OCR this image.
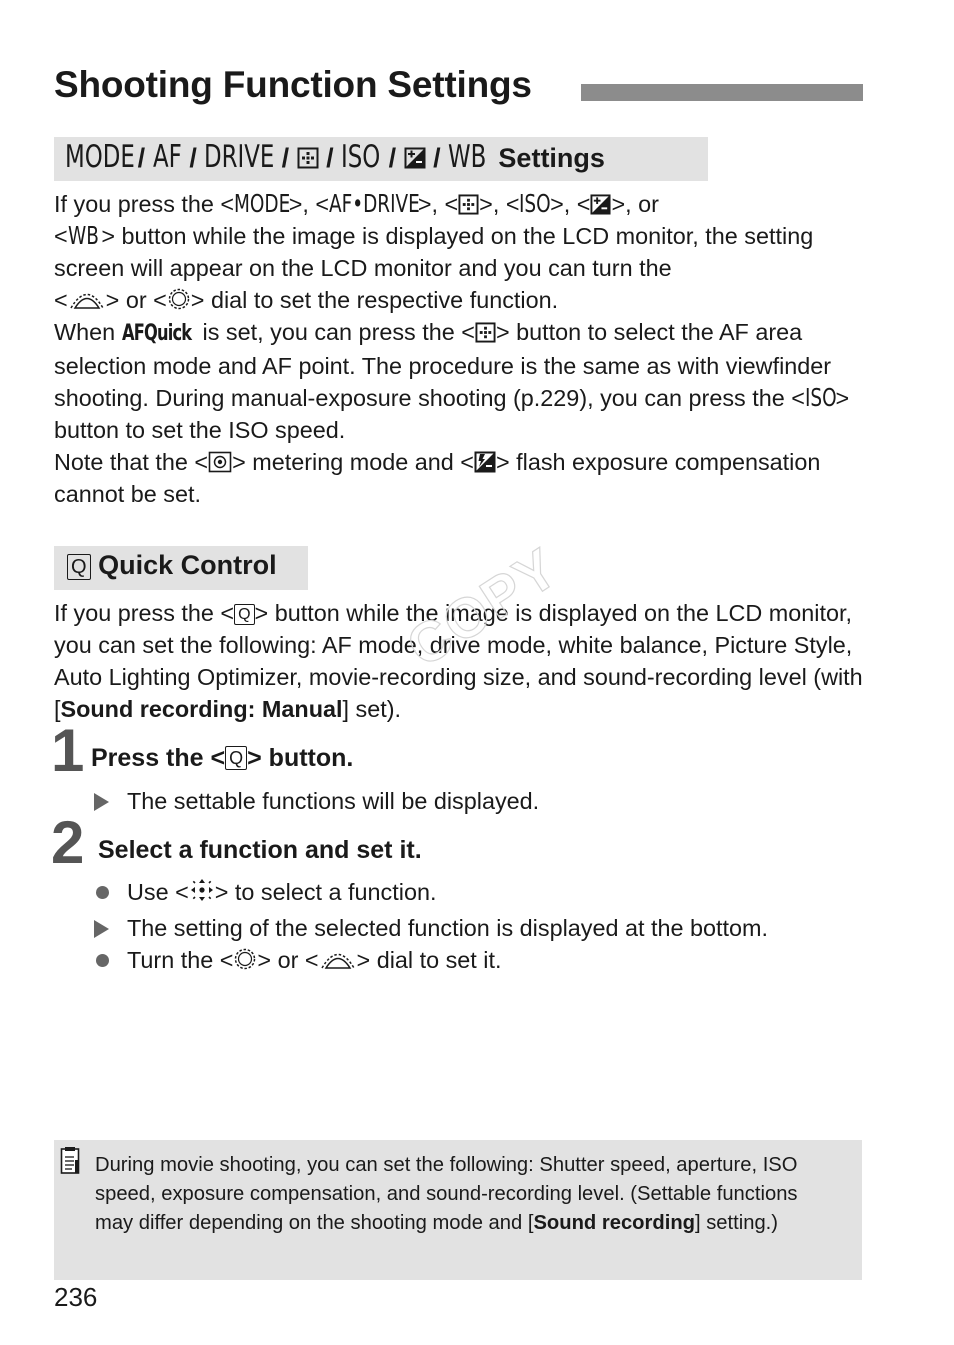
Shooting Function Settings
MODE / AF / DRIVE / / ISO / / WB Settings

If you press the <MODE>, <AF•DRIVE>, < >, <ISO>, < >, or
<WB > button while the image is displayed on the LCD monitor, the setting screen will appear on the LCD monitor and you can turn the
< > or < > dial to set the respective function.

When AFQuick is set, you can press the < > button to select the AF area selection mode and AF point. The procedure is the same as with viewfinder shooting. During manual-exposure shooting (p.229), you can press the <ISO> button to set the ISO speed.

Note that the < > metering mode and < > flash exposure compensation cannot be set.

Q Quick Control

If you press the < Q > button while the image is displayed on the LCD monitor, you can set the following: AF mode, drive mode, white balance, Picture Style, Auto Lighting Optimizer, movie-recording size, and sound-recording level (with [Sound recording: Manual] set).

COPY
1 Press the < Q > button.
The settable functions will be displayed.
2 Select a function and set it.
Use < > to select a function.
The setting of the selected function is displayed at the bottom.
Turn the < > or < > dial to set it.
During movie shooting, you can set the following: Shutter speed, aperture, ISO speed, exposure compensation, and sound-recording level. (Settable functions may differ depending on the shooting mode and [Sound recording] setting.)
236
